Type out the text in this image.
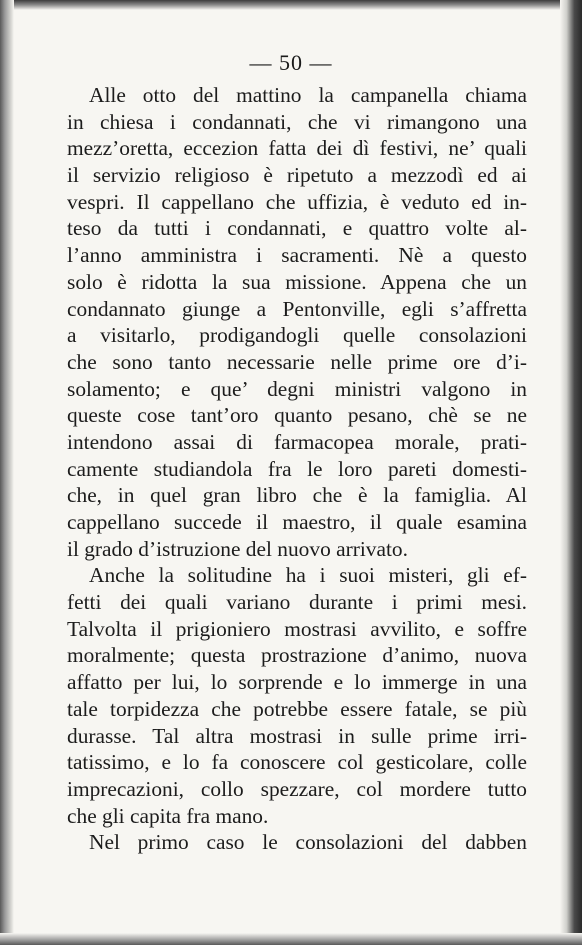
— 50 —
Alle otto del mattino la campanella chiama
in chiesa i condannati, che vi rimangono una
mezz’oretta, eccezion fatta dei dì festivi, ne’ quali
il servizio religioso è ripetuto a mezzodì ed ai
vespri. Il cappellano che uffizia, è veduto ed in-
teso da tutti i condannati, e quattro volte al-
l’anno amministra i sacramenti. Nè a questo
solo è ridotta la sua missione. Appena che un
condannato giunge a Pentonville, egli s’affretta
a visitarlo, prodigandogli quelle consolazioni
che sono tanto necessarie nelle prime ore d’i-
solamento; e que’ degni ministri valgono in
queste cose tant’oro quanto pesano, chè se ne
intendono assai di farmacopea morale, prati-
camente studiandola fra le loro pareti domesti-
che, in quel gran libro che è la famiglia. Al
cappellano succede il maestro, il quale esamina
il grado d’istruzione del nuovo arrivato.
Anche la solitudine ha i suoi misteri, gli ef-
fetti dei quali variano durante i primi mesi.
Talvolta il prigioniero mostrasi avvilito, e soffre
moralmente; questa prostrazione d’animo, nuova
affatto per lui, lo sorprende e lo immerge in una
tale torpidezza che potrebbe essere fatale, se più
durasse. Tal altra mostrasi in sulle prime irri-
tatissimo, e lo fa conoscere col gesticolare, colle
imprecazioni, collo spezzare, col mordere tutto
che gli capita fra mano.
Nel primo caso le consolazioni del dabben
